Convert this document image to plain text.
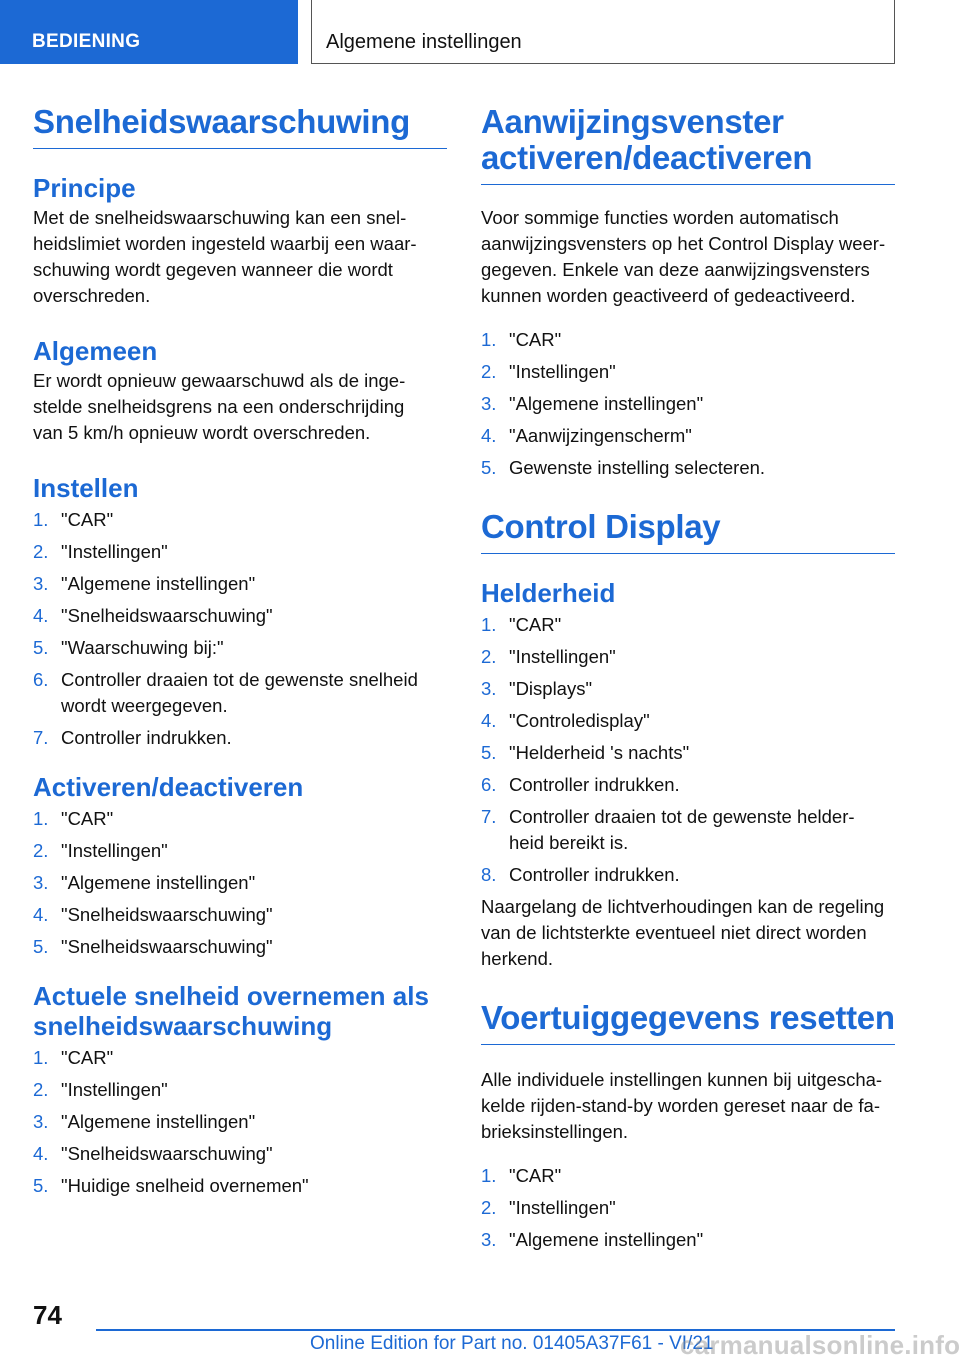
BEDIENING	Algemene instellingen
Snelheidswaarschuwing
Principe

Met de snelheidswaarschuwing kan een snel-

heidslimiet worden ingesteld waarbij een waar-

schuwing wordt gegeven wanneer die wordt

overschreden.

Algemeen

Er wordt opnieuw gewaarschuwd als de inge-

stelde snelheidsgrens na een onderschrijding

van 5 km/h opnieuw wordt overschreden.

Instellen
1. "CAR"
2. "Instellingen"
3. "Algemene instellingen"
4. "Snelheidswaarschuwing"
5. "Waarschuwing bij:"
6. Controller draaien tot de gewenste snelheid
wordt weergegeven.
7. Controller indrukken.
Activeren/deactiveren
1. "CAR"
2. "Instellingen"
3. "Algemene instellingen"
4. "Snelheidswaarschuwing"
5. "Snelheidswaarschuwing"
Actuele snelheid overnemen als
snelheidswaarschuwing
1. "CAR"
2. "Instellingen"
3. "Algemene instellingen"
4. "Snelheidswaarschuwing"
5. "Huidige snelheid overnemen"
Aanwijzingsvenster
activeren/deactiveren

Voor sommige functies worden automatisch

aanwijzingsvensters op het Control Display weer-

gegeven. Enkele van deze aanwijzingsvensters

kunnen worden geactiveerd of gedeactiveerd.

1. "CAR"
2. "Instellingen"
3. "Algemene instellingen"
4. "Aanwijzingenscherm"
5. Gewenste instelling selecteren.
Control Display
Helderheid
1. "CAR"
2. "Instellingen"
3. "Displays"
4. "Controledisplay"
5. "Helderheid 's nachts"
6. Controller indrukken.
7. Controller draaien tot de gewenste helder-
heid bereikt is.
8. Controller indrukken.

Naargelang de lichtverhoudingen kan de regeling

van de lichtsterkte eventueel niet direct worden

herkend.

Voertuiggegevens resetten

Alle individuele instellingen kunnen bij uitgescha-

kelde rijden-stand-by worden gereset naar de fa-

brieksinstellingen.

1. "CAR"
2. "Instellingen"
3. "Algemene instellingen"
74
Online Edition for Part no. 01405A37F61 - VI/21
carmanualsonline.info
